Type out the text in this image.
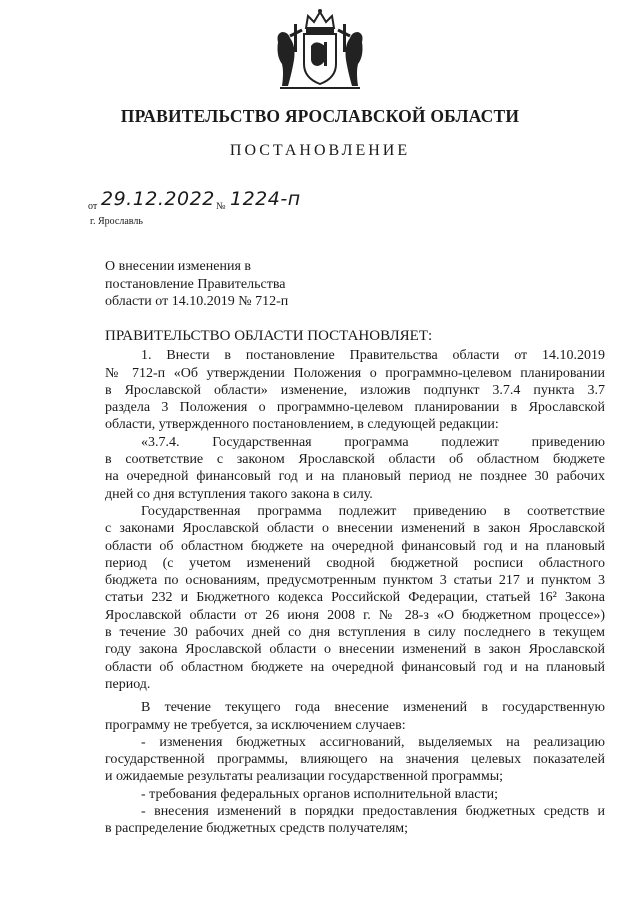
ПРАВИТЕЛЬСТВО ЯРОСЛАВСКОЙ ОБЛАСТИ
ПОСТАНОВЛЕНИЕ
от 29.12.2022 № 1224-п
г. Ярославль
О внесении изменения в
постановление Правительства
области от 14.10.2019 № 712-п
ПРАВИТЕЛЬСТВО ОБЛАСТИ ПОСТАНОВЛЯЕТ:
1. Внести в постановление Правительства области от 14.10.2019
№ 712-п «Об утверждении Положения о программно-целевом планировании
в Ярославской области» изменение, изложив подпункт 3.7.4 пункта 3.7
раздела 3 Положения о программно-целевом планировании в Ярославской
области, утвержденного постановлением, в следующей редакции:
«3.7.4. Государственная программа подлежит приведению
в соответствие с законом Ярославской области об областном бюджете
на очередной финансовый год и на плановый период не позднее 30 рабочих
дней со дня вступления такого закона в силу.
Государственная программа подлежит приведению в соответствие
с законами Ярославской области о внесении изменений в закон Ярославской
области об областном бюджете на очередной финансовый год и на плановый
период (с учетом изменений сводной бюджетной росписи областного
бюджета по основаниям, предусмотренным пунктом 3 статьи 217 и пунктом 3
статьи 232 и Бюджетного кодекса Российской Федерации, статьей 16² Закона
Ярославской области от 26 июня 2008 г. № 28-з «О бюджетном процессе»)
в течение 30 рабочих дней со дня вступления в силу последнего в текущем
году закона Ярославской области о внесении изменений в закон Ярославской
области об областном бюджете на очередной финансовый год и на плановый
период.
В течение текущего года внесение изменений в государственную
программу не требуется, за исключением случаев:
- изменения бюджетных ассигнований, выделяемых на реализацию
государственной программы, влияющего на значения целевых показателей
и ожидаемые результаты реализации государственной программы;
- требования федеральных органов исполнительной власти;
- внесения изменений в порядки предоставления бюджетных средств и
в распределение бюджетных средств получателям;
